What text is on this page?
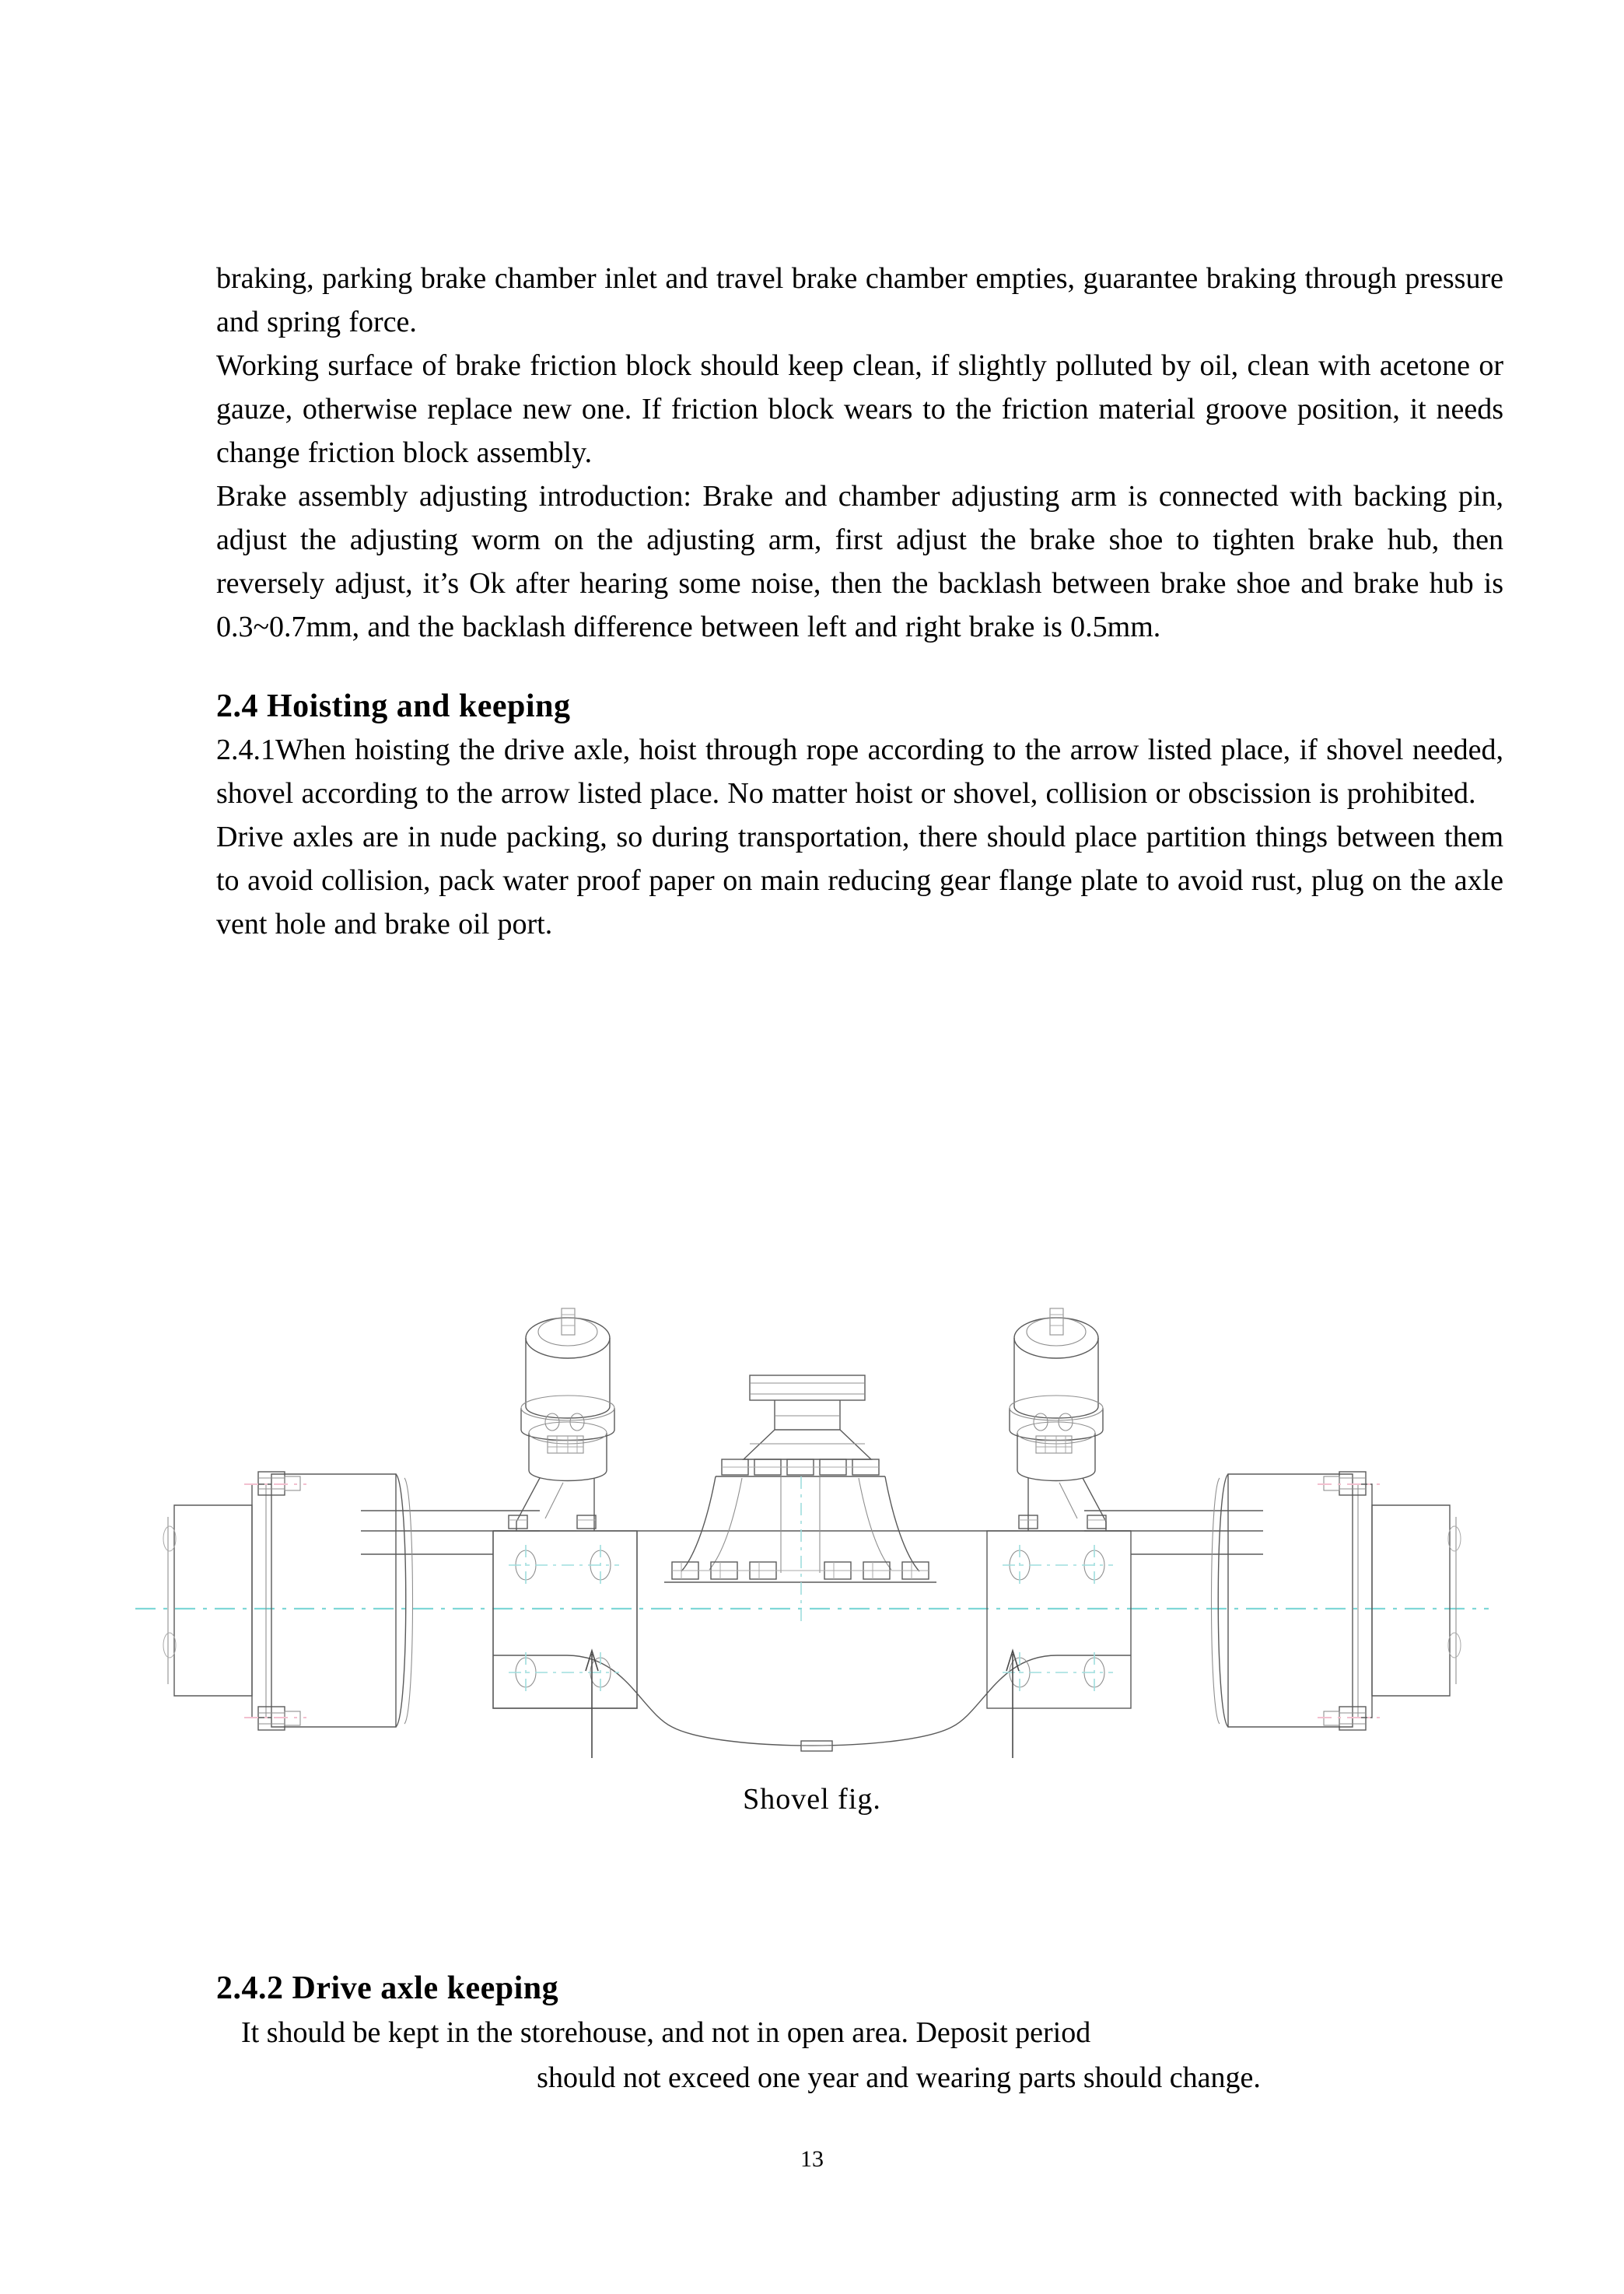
braking, parking brake chamber inlet and travel brake chamber empties, guarantee braking through pressure and spring force.

Working surface of brake friction block should keep clean, if slightly polluted by oil, clean with acetone or gauze, otherwise replace new one. If friction block wears to the friction material groove position, it needs change friction block assembly.

Brake assembly adjusting introduction: Brake and chamber adjusting arm is connected with backing pin, adjust the adjusting worm on the adjusting arm, first adjust the brake shoe to tighten brake hub, then reversely adjust, it’s Ok after hearing some noise, then the backlash between brake shoe and brake hub is 0.3~0.7mm, and the backlash difference between left and right brake is 0.5mm.

2.4 Hoisting and keeping

2.4.1When hoisting the drive axle, hoist through rope according to the arrow listed place, if shovel needed, shovel according to the arrow listed place. No matter hoist or shovel, collision or obscission is prohibited.

Drive axles are in nude packing, so during transportation, there should place partition things between them to avoid collision, pack water proof paper on main reducing gear flange plate to avoid rust, plug on the axle vent hole and brake oil port.

Shovel fig.
2.4.2 Drive axle keeping

It should be kept in the storehouse, and not in open area. Deposit period

should not exceed one year and wearing parts should change.

13
